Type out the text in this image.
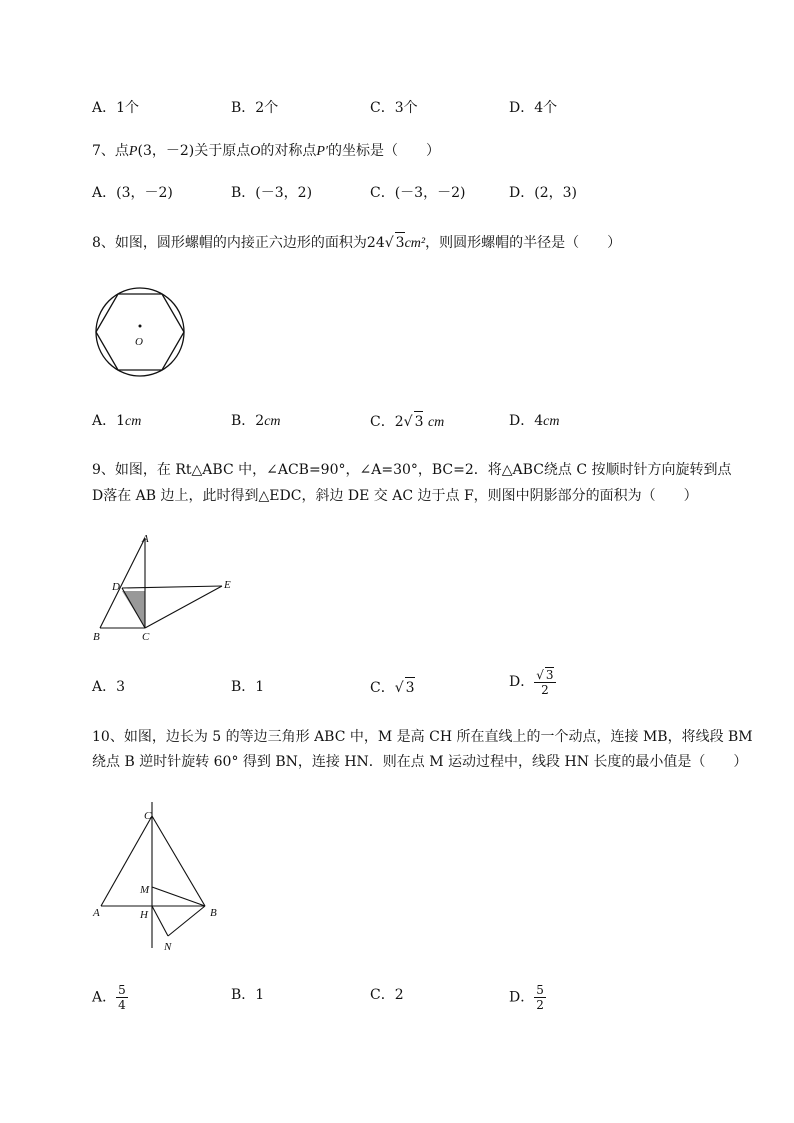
A．1个	B．2个	C．3个	D．4个
7、点P(3，－2)关于原点O的对称点P′的坐标是（　　）
A．(3，－2)	B．(－3，2)	C．(－3，－2)	D．(2，3)
8、如图，圆形螺帽的内接正六边形的面积为24√ 3cm²，则圆形螺帽的半径是（　　）
O
A．1cm	B．2cm	C．2√ 3 cm	D．4cm
9、如图，在 Rt△ABC 中，∠ACB=90°，∠A=30°，BC=2．将△ABC绕点 C 按顺时针方向旋转到点
D落在 AB 边上，此时得到△EDC，斜边 DE 交 AC 边于点 F，则图中阴影部分的面积为（　　）
A
D	E
B	C
A．3	B．1	C．√ 3	D． $\frac{√ 3}{2}$
10、如图，边长为 5 的等边三角形 ABC 中，M 是高 CH 所在直线上的一个动点，连接 MB，将线段 BM
绕点 B 逆时针旋转 60° 得到 BN，连接 HN．则在点 M 运动过程中，线段 HN 长度的最小值是（　　）
C
M
A	H	B
N
A． $\frac{5}{4}$	B．1	C．2	D． $\frac{5}{2}$
